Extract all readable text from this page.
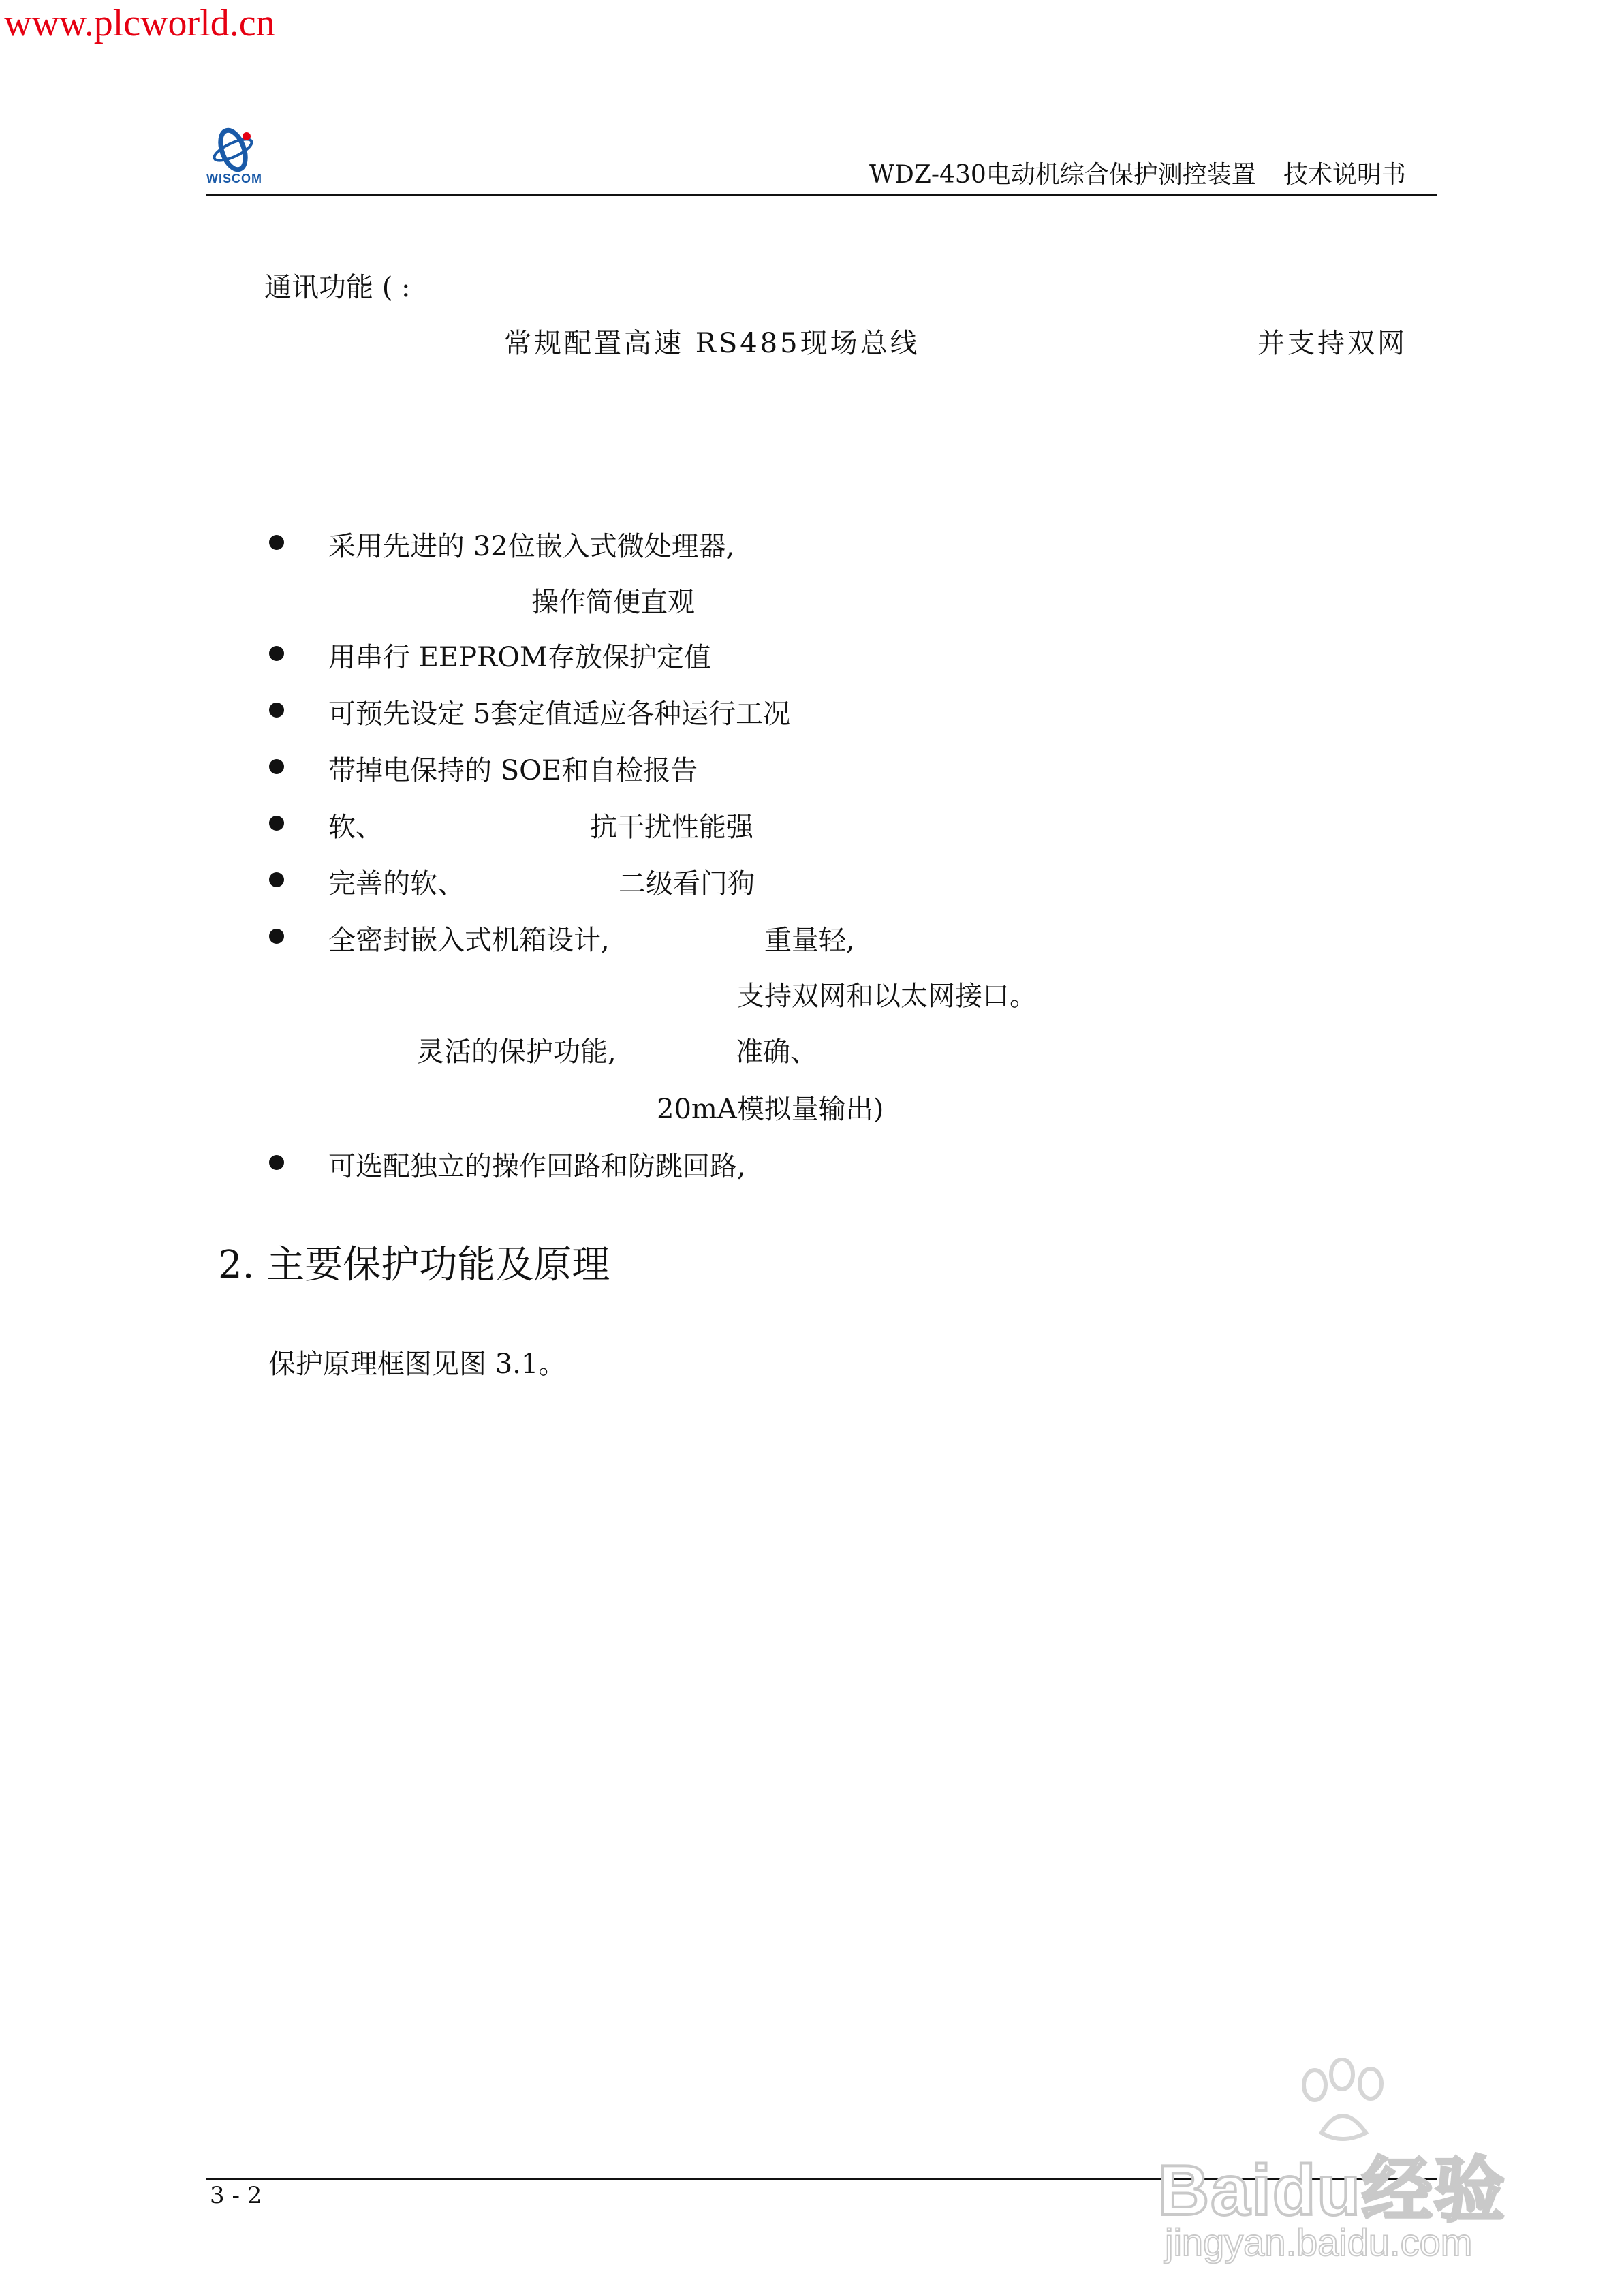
www.plcworld.cn
WISCOM	WDZ-430电动机综合保护测控装置 技术说明书
通讯功能 ( :
常规配置高速 RS485现场总线	并支持双网
采用先进的 32位嵌入式微处理器,
操作简便直观
用串行 EEPROM存放保护定值
可预先设定 5套定值适应各种运行工况
带掉电保持的 SOE和自检报告
软、	抗干扰性能强
完善的软、	二级看门狗
全密封嵌入式机箱设计,	重量轻,
支持双网和以太网接口。
灵活的保护功能,	准确、
20mA模拟量输出)
可选配独立的操作回路和防跳回路,
2. 主要保护功能及原理
保护原理框图见图 3.1。
3 - 2	Baidu经验
jingyan.baidu.com
